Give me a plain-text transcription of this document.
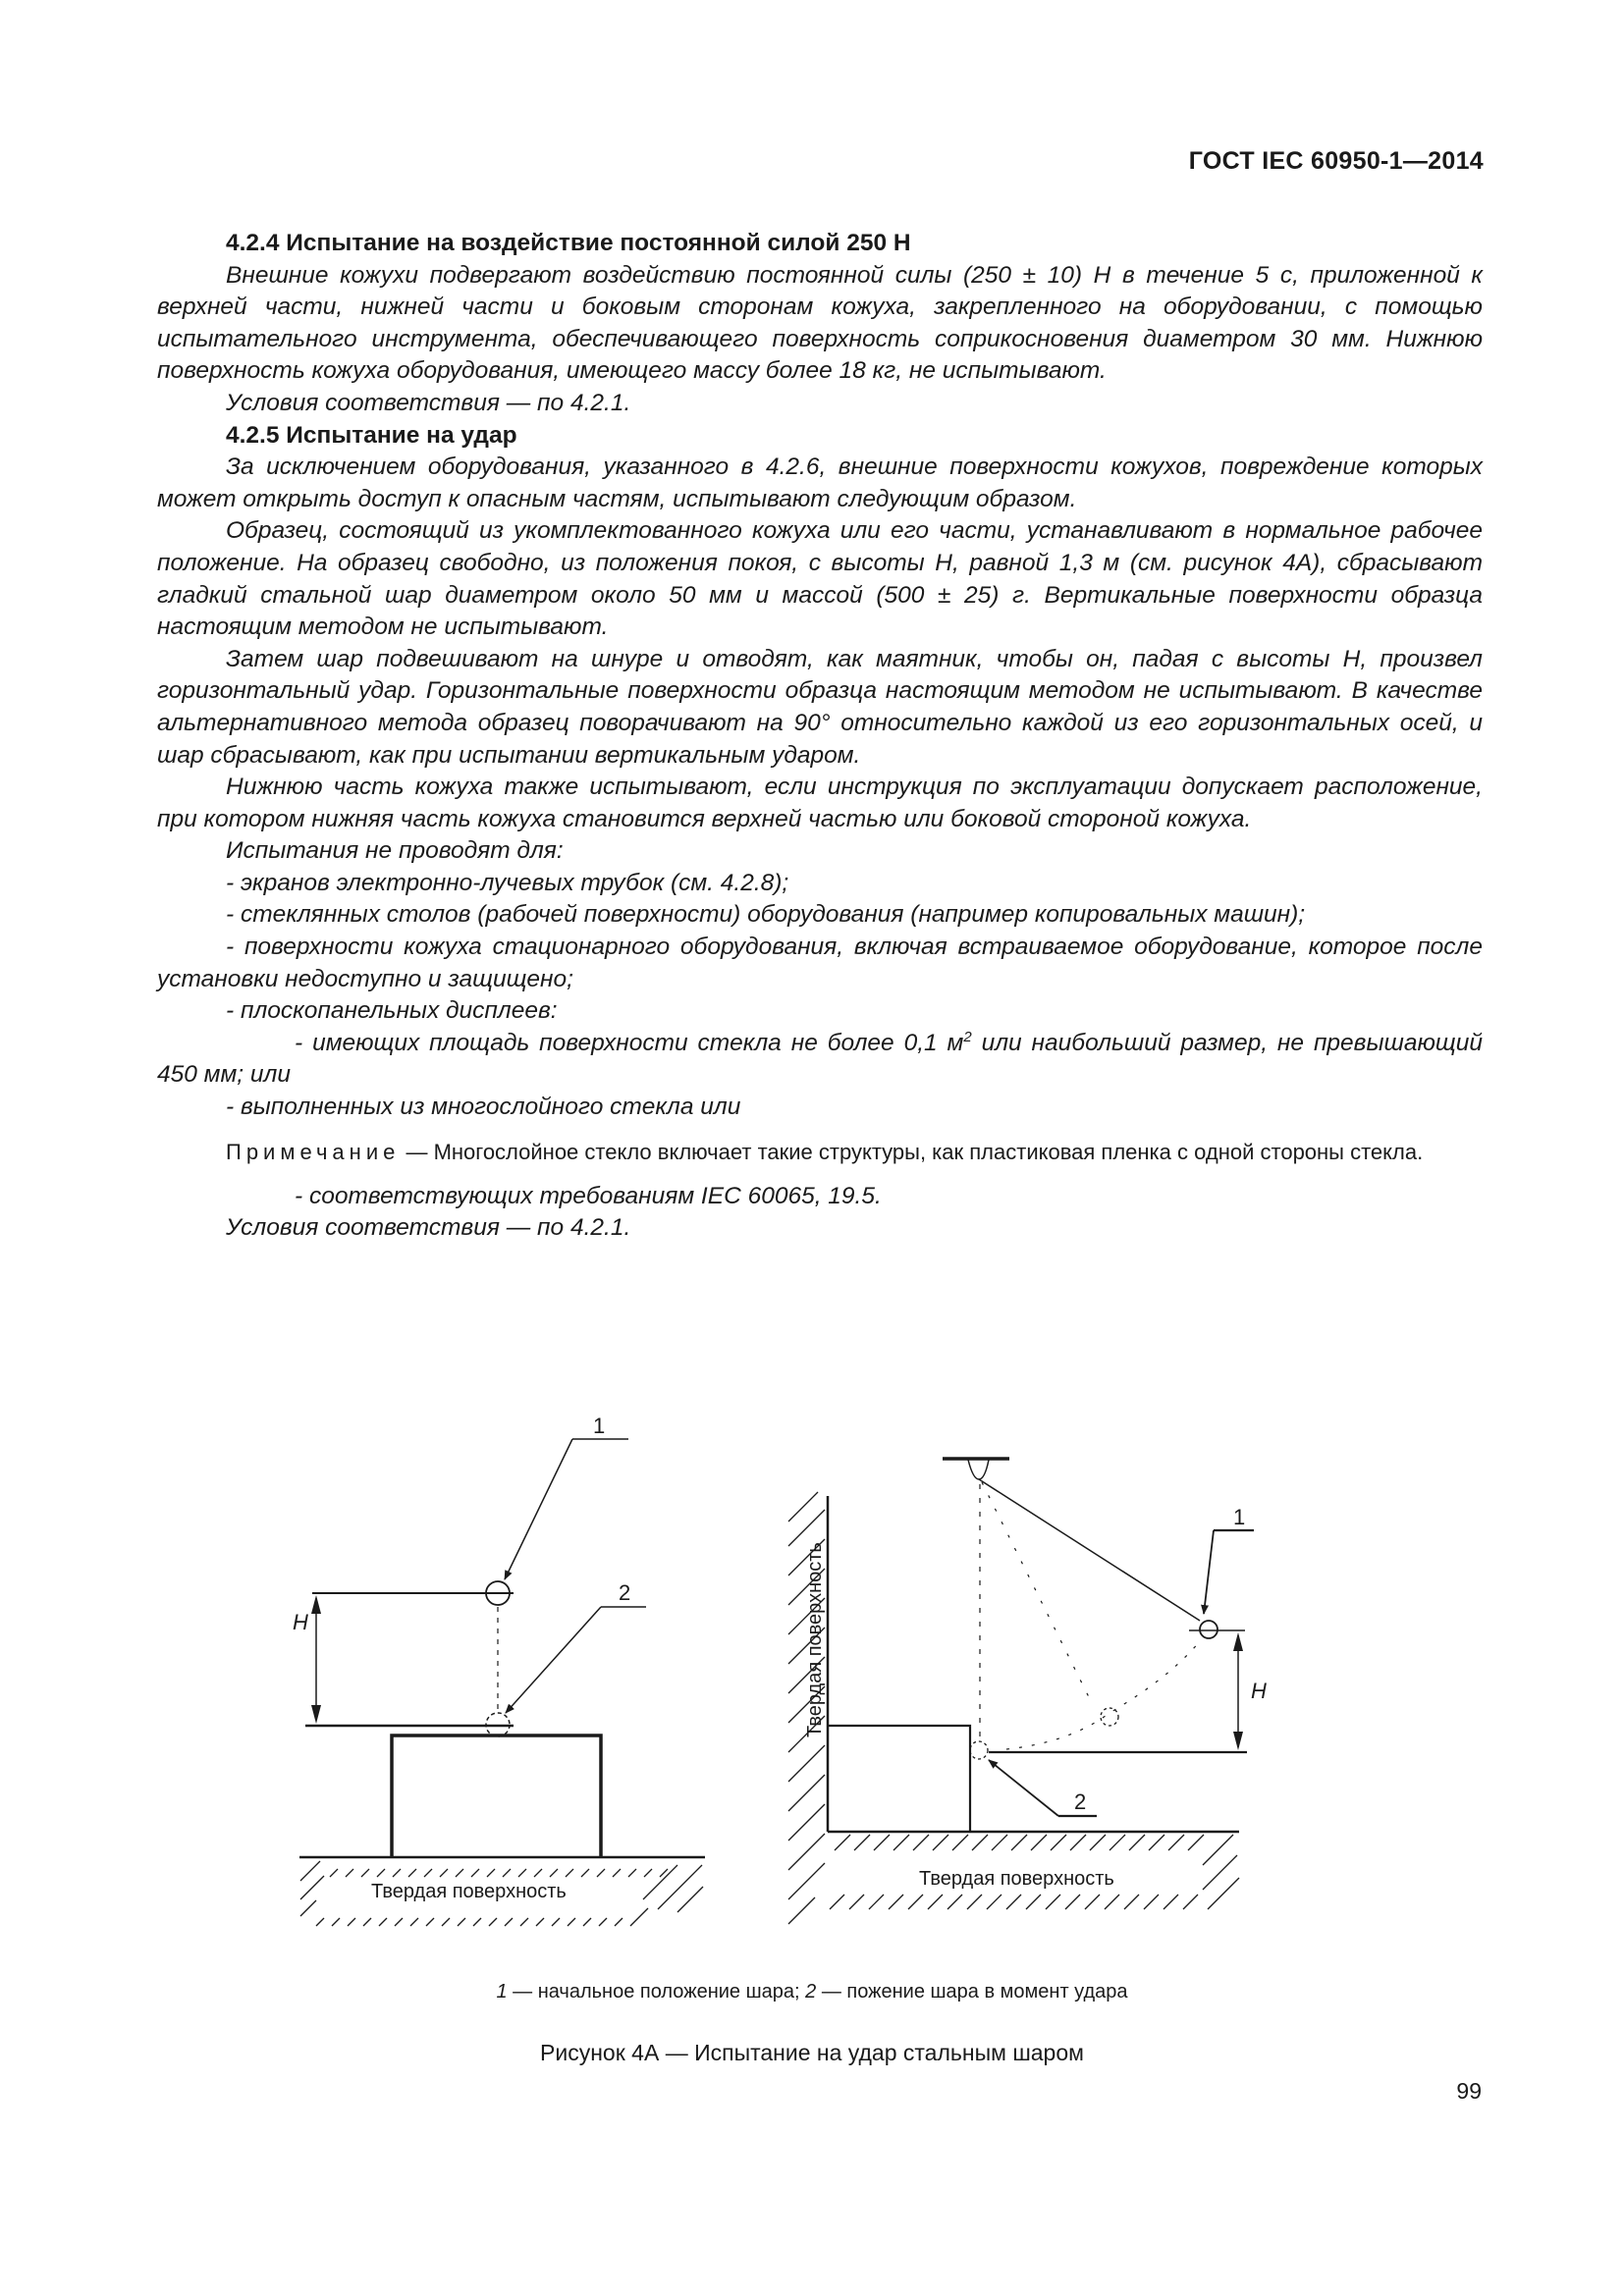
ГОСТ IEC 60950-1—2014

4.2.4 Испытание на воздействие постоянной силой 250 Н

Внешние кожухи подвергают воздействию постоянной силы (250 ± 10) Н в течение 5 с, приложенной к верхней части, нижней части и боковым сторонам кожуха, закрепленного на оборудовании, с помощью испытательного инструмента, обеспечивающего поверхность соприкосновения диаметром 30 мм. Нижнюю поверхность кожуха оборудования, имеющего массу более 18 кг, не испытывают.

Условия соответствия — по 4.2.1.

4.2.5 Испытание на удар

За исключением оборудования, указанного в 4.2.6, внешние поверхности кожухов, повреждение которых может открыть доступ к опасным частям, испытывают следующим образом.

Образец, состоящий из укомплектованного кожуха или его части, устанавливают в нормальное рабочее положение. На образец свободно, из положения покоя, с высоты Н, равной 1,3 м (см. рисунок 4А), сбрасывают гладкий стальной шар диаметром около 50 мм и массой (500 ± 25) г. Вертикальные поверхности образца настоящим методом не испытывают.

Затем шар подвешивают на шнуре и отводят, как маятник, чтобы он, падая с высоты Н, произвел горизонтальный удар. Горизонтальные поверхности образца настоящим методом не испытывают. В качестве альтернативного метода образец поворачивают на 90° относительно каждой из его горизонтальных осей, и шар сбрасывают, как при испытании вертикальным ударом.

Нижнюю часть кожуха также испытывают, если инструкция по эксплуатации допускает расположение, при котором нижняя часть кожуха становится верхней частью или боковой стороной кожуха.

Испытания не проводят для:

- экранов электронно-лучевых трубок (см. 4.2.8);

- стеклянных столов (рабочей поверхности) оборудования (например копировальных машин);

- поверхности кожуха стационарного оборудования, включая встраиваемое оборудование, которое после установки недоступно и защищено;

- плоскопанельных дисплеев:

- имеющих площадь поверхности стекла не более 0,1 $м^2$ или наибольший размер, не превышающий 450 мм; или

- выполненных из многослойного стекла или

Примечание — Многослойное стекло включает такие структуры, как пластиковая пленка с одной стороны стекла.

- соответствующих требованиям IEC 60065, 19.5.

Условия соответствия — по 4.2.1.

H
Твердая поверхность
1
2
H
Твердая поверхность
Твердая поверхность
1
2
1 — начальное положение шара; 2 — пожение шара в момент удара
Рисунок 4А — Испытание на удар стальным шаром
99
